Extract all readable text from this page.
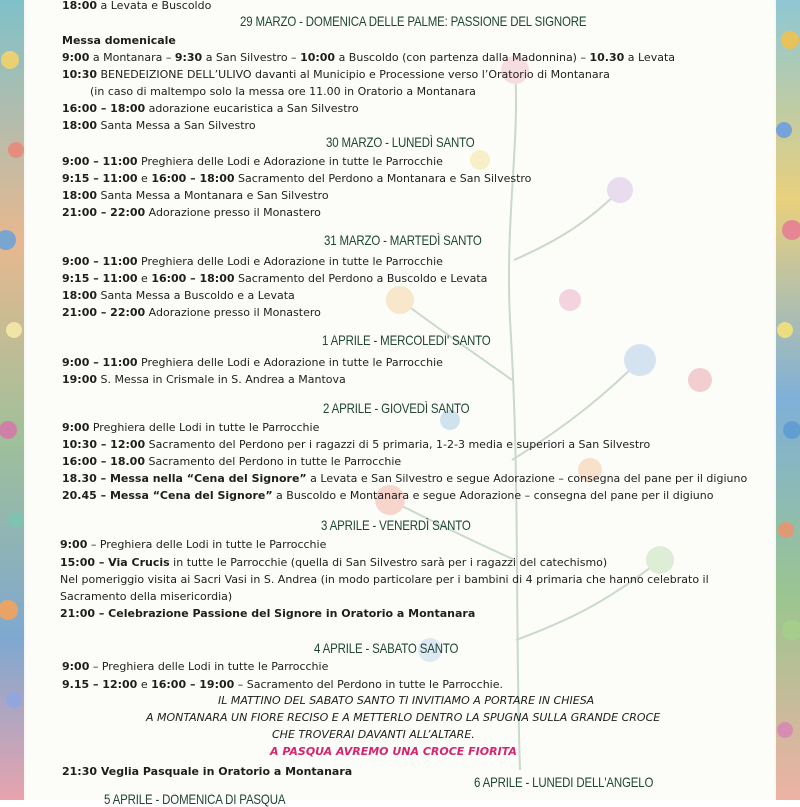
18:00 a Levata e Buscoldo
29 MARZO - DOMENICA DELLE PALME: PASSIONE DEL SIGNORE
Messa domenicale
9:00 a Montanara – 9:30 a San Silvestro – 10:00 a Buscoldo (con partenza dalla Madonnina) – 10.30 a Levata
10:30 BENEDEIZIONE DELL’ULIVO davanti al Municipio e Processione verso l’Oratorio di Montanara
(in caso di maltempo solo la messa ore 11.00 in Oratorio a Montanara
16:00 – 18:00 adorazione eucaristica a San Silvestro
18:00 Santa Messa a San Silvestro
30 MARZO - LUNEDÌ SANTO
9:00 – 11:00 Preghiera delle Lodi e Adorazione in tutte le Parrocchie
9:15 – 11:00 e 16:00 – 18:00 Sacramento del Perdono a Montanara e San Silvestro
18:00 Santa Messa a Montanara e San Silvestro
21:00 – 22:00 Adorazione presso il Monastero
31 MARZO - MARTEDÌ SANTO
9:00 – 11:00 Preghiera delle Lodi e Adorazione in tutte le Parrocchie
9:15 – 11:00 e 16:00 – 18:00 Sacramento del Perdono a Buscoldo e Levata
18:00 Santa Messa a Buscoldo e a Levata
21:00 – 22:00 Adorazione presso il Monastero
1 APRILE - MERCOLEDI' SANTO
9:00 – 11:00 Preghiera delle Lodi e Adorazione in tutte le Parrocchie
19:00 S. Messa in Crismale in S. Andrea a Mantova
2 APRILE - GIOVEDÌ SANTO
9:00 Preghiera delle Lodi in tutte le Parrocchie
10:30 – 12:00 Sacramento del Perdono per i ragazzi di 5 primaria, 1-2-3 media e superiori a San Silvestro
16:00 – 18.00 Sacramento del Perdono in tutte le Parrocchie
18.30 – Messa nella “Cena del Signore” a Levata e San Silvestro e segue Adorazione – consegna del pane per il digiuno
20.45 – Messa “Cena del Signore” a Buscoldo e Montanara e segue Adorazione – consegna del pane per il digiuno
3 APRILE - VENERDÌ SANTO
9:00 – Preghiera delle Lodi in tutte le Parrocchie
15:00 – Via Crucis in tutte le Parrocchie (quella di San Silvestro sarà per i ragazzi del catechismo)
Nel pomeriggio visita ai Sacri Vasi in S. Andrea (in modo particolare per i bambini di 4 primaria che hanno celebrato il
Sacramento della misericordia)
21:00 – Celebrazione Passione del Signore in Oratorio a Montanara
4 APRILE - SABATO SANTO
9:00 – Preghiera delle Lodi in tutte le Parrocchie
9.15 – 12:00 e 16:00 – 19:00 – Sacramento del Perdono in tutte le Parrocchie.
IL MATTINO DEL SABATO SANTO TI INVITIAMO A PORTARE IN CHIESA
A MONTANARA UN FIORE RECISO E A METTERLO DENTRO LA SPUGNA SULLA GRANDE CROCE
CHE TROVERAI DAVANTI ALL’ALTARE.
A PASQUA AVREMO UNA CROCE FIORITA
21:30 Veglia Pasquale in Oratorio a Montanara
6 APRILE - LUNEDI DELL'ANGELO
5 APRILE - DOMENICA DI PASQUA
